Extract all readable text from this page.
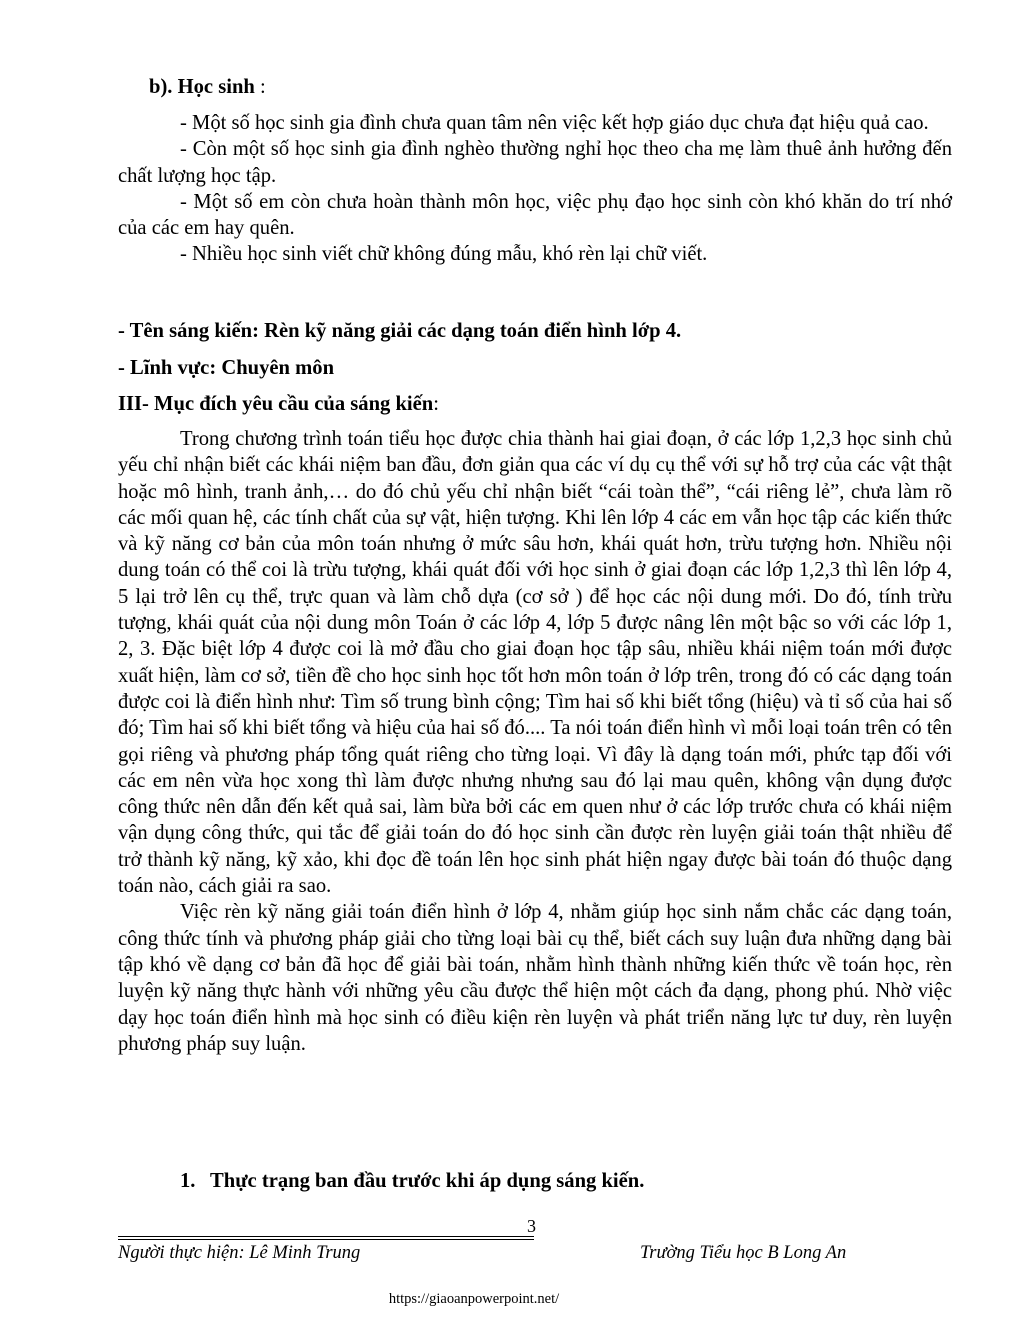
b). Học sinh :

- Một số học sinh gia đình chưa quan tâm nên việc kết hợp giáo dục chưa đạt hiệu quả cao.

- Còn một số học sinh gia đình nghèo thường nghỉ học theo cha mẹ làm thuê ảnh hưởng đến chất lượng học tập.

- Một số em còn chưa hoàn thành môn học, việc phụ đạo học sinh còn khó khăn do trí nhớ của các em hay quên.

- Nhiều học sinh viết chữ không đúng mẫu, khó rèn lại chữ viết.

- Tên sáng kiến: Rèn kỹ năng giải các dạng toán điển hình lớp 4.
- Lĩnh vực: Chuyên môn
III- Mục đích yêu cầu của sáng kiến:

Trong chương trình toán tiểu học được chia thành hai giai đoạn, ở các lớp 1,2,3 học sinh chủ yếu chỉ nhận biết các khái niệm ban đầu, đơn giản qua các ví dụ cụ thể với sự hỗ trợ của các vật thật hoặc mô hình, tranh ảnh,… do đó chủ yếu chỉ nhận biết “cái toàn thể”, “cái riêng lẻ”, chưa làm rõ các mối quan hệ, các tính chất của sự vật, hiện tượng. Khi lên lớp 4 các em vẫn học tập các kiến thức và kỹ năng cơ bản của môn toán nhưng ở mức sâu hơn, khái quát hơn, trừu tượng hơn. Nhiều nội dung toán có thể coi là trừu tượng, khái quát đối với học sinh ở giai đoạn các lớp 1,2,3 thì lên lớp 4, 5 lại trở lên cụ thể, trực quan và làm chỗ dựa (cơ sở ) để học các nội dung mới. Do đó, tính trừu tượng, khái quát của nội dung môn Toán ở các lớp 4, lớp 5 được nâng lên một bậc so với các lớp 1, 2, 3. Đặc biệt lớp 4 được coi là mở đầu cho giai đoạn học tập sâu, nhiều khái niệm toán mới được xuất hiện, làm cơ sở, tiền đề cho học sinh học tốt hơn môn toán ở lớp trên, trong đó có các dạng toán được coi là điển hình như: Tìm số trung bình cộng; Tìm hai số khi biết tổng (hiệu) và tỉ số của hai số đó; Tìm hai số khi biết tổng và hiệu của hai số đó.... Ta nói toán điển hình vì mỗi loại toán trên có tên gọi riêng và phương pháp tổng quát riêng cho từng loại. Vì đây là dạng toán mới, phức tạp đối với các em nên vừa học xong thì làm được nhưng nhưng sau đó lại mau quên, không vận dụng được công thức nên dẫn đến kết quả sai, làm bừa bởi các em quen như ở các lớp trước chưa có khái niệm vận dụng công thức, qui tắc để giải toán do đó học sinh cần được rèn luyện giải toán thật nhiều để trở thành kỹ năng, kỹ xảo, khi đọc đề toán lên học sinh phát hiện ngay được bài toán đó thuộc dạng toán nào, cách giải ra sao.

Việc rèn kỹ năng giải toán điển hình ở lớp 4, nhằm giúp học sinh nắm chắc các dạng toán, công thức tính và phương pháp giải cho từng loại bài cụ thể, biết cách suy luận đưa những dạng bài tập khó về dạng cơ bản đã học để giải bài toán, nhằm hình thành những kiến thức về toán học, rèn luyện kỹ năng thực hành với những yêu cầu được thể hiện một cách đa dạng, phong phú. Nhờ việc dạy học toán điển hình mà học sinh có điều kiện rèn luyện và phát triển năng lực tư duy, rèn luyện phương pháp suy luận.

1. Thực trạng ban đầu trước khi áp dụng sáng kiến.
3
Người thực hiện: Lê Minh Trung	Trường Tiểu học B Long An
https://giaoanpowerpoint.net/
